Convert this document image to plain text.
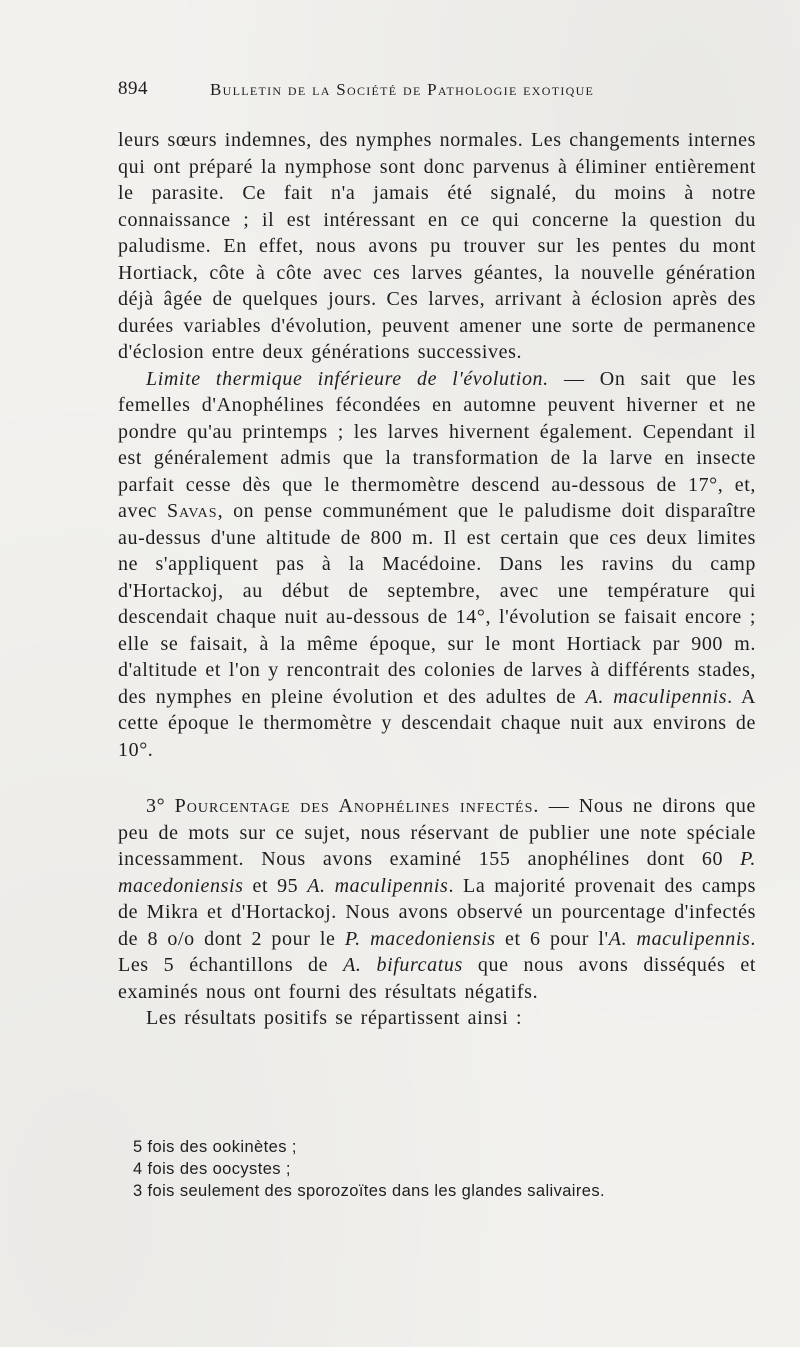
894	Bulletin de la Société de Pathologie exotique

leurs sœurs indemnes, des nymphes normales. Les changements internes qui ont préparé la nymphose sont donc parvenus à éliminer entièrement le parasite. Ce fait n'a jamais été signalé, du moins à notre connaissance ; il est intéressant en ce qui concerne la question du paludisme. En effet, nous avons pu trouver sur les pentes du mont Hortiack, côte à côte avec ces larves géantes, la nouvelle génération déjà âgée de quelques jours. Ces larves, arrivant à éclosion après des durées variables d'évolution, peuvent amener une sorte de permanence d'éclosion entre deux générations successives.

Limite thermique inférieure de l'évolution. — On sait que les femelles d'Anophélines fécondées en automne peuvent hiverner et ne pondre qu'au printemps ; les larves hivernent également. Cependant il est généralement admis que la transformation de la larve en insecte parfait cesse dès que le thermomètre descend au-dessous de 17°, et, avec Savas, on pense communément que le paludisme doit disparaître au-dessus d'une altitude de 800 m. Il est certain que ces deux limites ne s'appliquent pas à la Macédoine. Dans les ravins du camp d'Hortackoj, au début de septembre, avec une température qui descendait chaque nuit au-dessous de 14°, l'évolution se faisait encore ; elle se faisait, à la même époque, sur le mont Hortiack par 900 m. d'altitude et l'on y rencontrait des colonies de larves à différents stades, des nymphes en pleine évolution et des adultes de A. maculipennis. A cette époque le thermomètre y descendait chaque nuit aux environs de 10°.

3° Pourcentage des Anophélines infectés. — Nous ne dirons que peu de mots sur ce sujet, nous réservant de publier une note spéciale incessamment. Nous avons examiné 155 anophélines dont 60 P. macedoniensis et 95 A. maculipennis. La majorité provenait des camps de Mikra et d'Hortackoj. Nous avons observé un pourcentage d'infectés de 8 o/o dont 2 pour le P. macedoniensis et 6 pour l'A. maculipennis. Les 5 échantillons de A. bifurcatus que nous avons disséqués et examinés nous ont fourni des résultats négatifs.

Les résultats positifs se répartissent ainsi :

5 fois des ookinètes ;
4 fois des oocystes ;
3 fois seulement des sporozoïtes dans les glandes salivaires.
